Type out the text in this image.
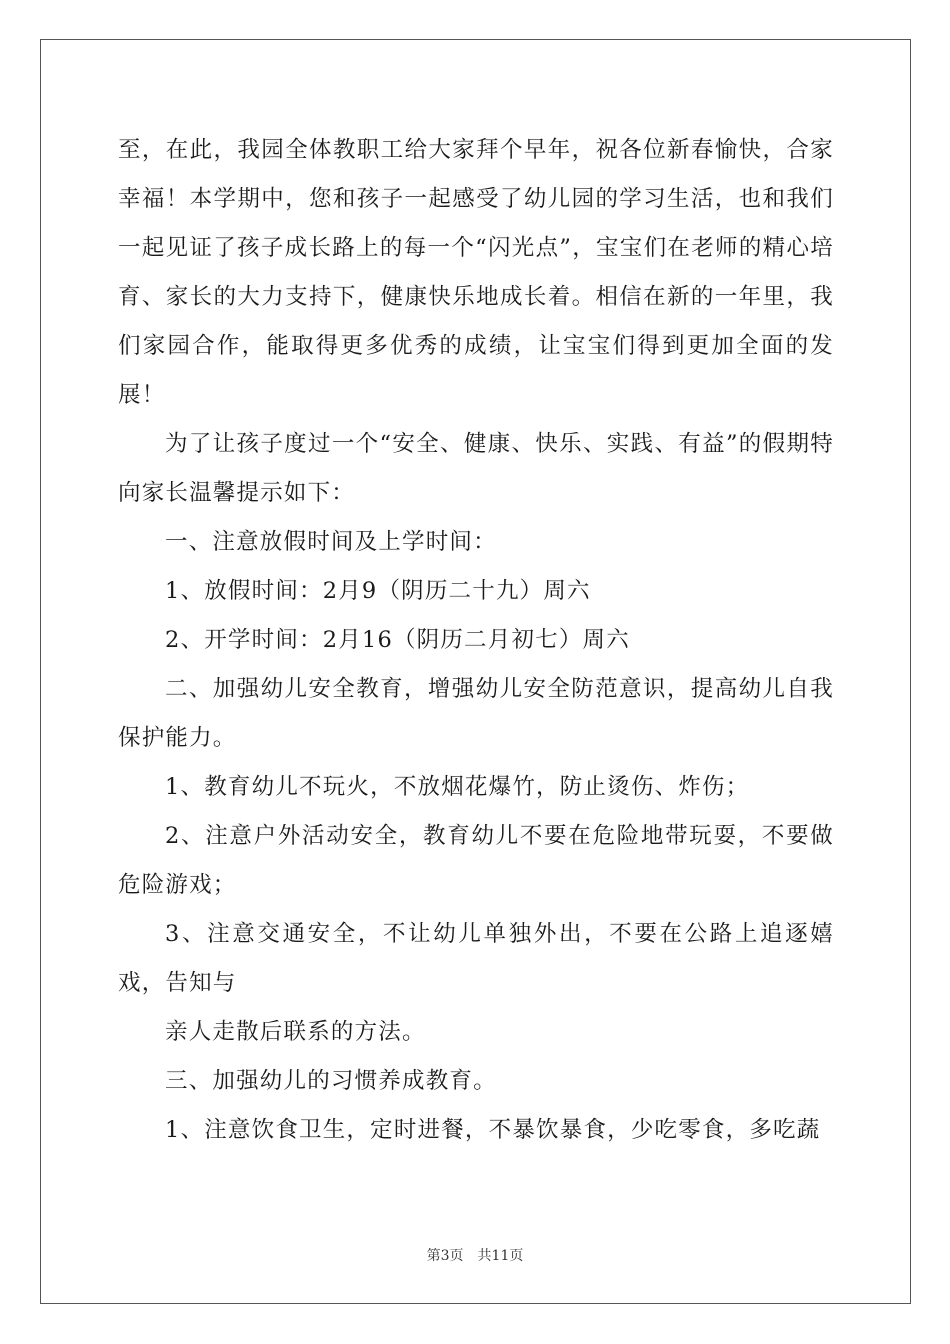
至，在此，我园全体教职工给大家拜个早年，祝各位新春愉快，合家幸福！本学期中，您和孩子一起感受了幼儿园的学习生活，也和我们一起见证了孩子成长路上的每一个“闪光点”，宝宝们在老师的精心培育、家长的大力支持下，健康快乐地成长着。相信在新的一年里，我们家园合作，能取得更多优秀的成绩，让宝宝们得到更加全面的发展！

为了让孩子度过一个“安全、健康、快乐、实践、有益”的假期特向家长温馨提示如下：

一、注意放假时间及上学时间：

1、放假时间：2月9（阴历二十九）周六

2、开学时间：2月16（阴历二月初七）周六

二、加强幼儿安全教育，增强幼儿安全防范意识，提高幼儿自我保护能力。

1、教育幼儿不玩火，不放烟花爆竹，防止烫伤、炸伤；

2、注意户外活动安全，教育幼儿不要在危险地带玩耍，不要做危险游戏；

3、注意交通安全，不让幼儿单独外出，不要在公路上追逐嬉戏，告知与

亲人走散后联系的方法。

三、加强幼儿的习惯养成教育。

1、注意饮食卫生，定时进餐，不暴饮暴食，少吃零食，多吃蔬

第3页 共11页
